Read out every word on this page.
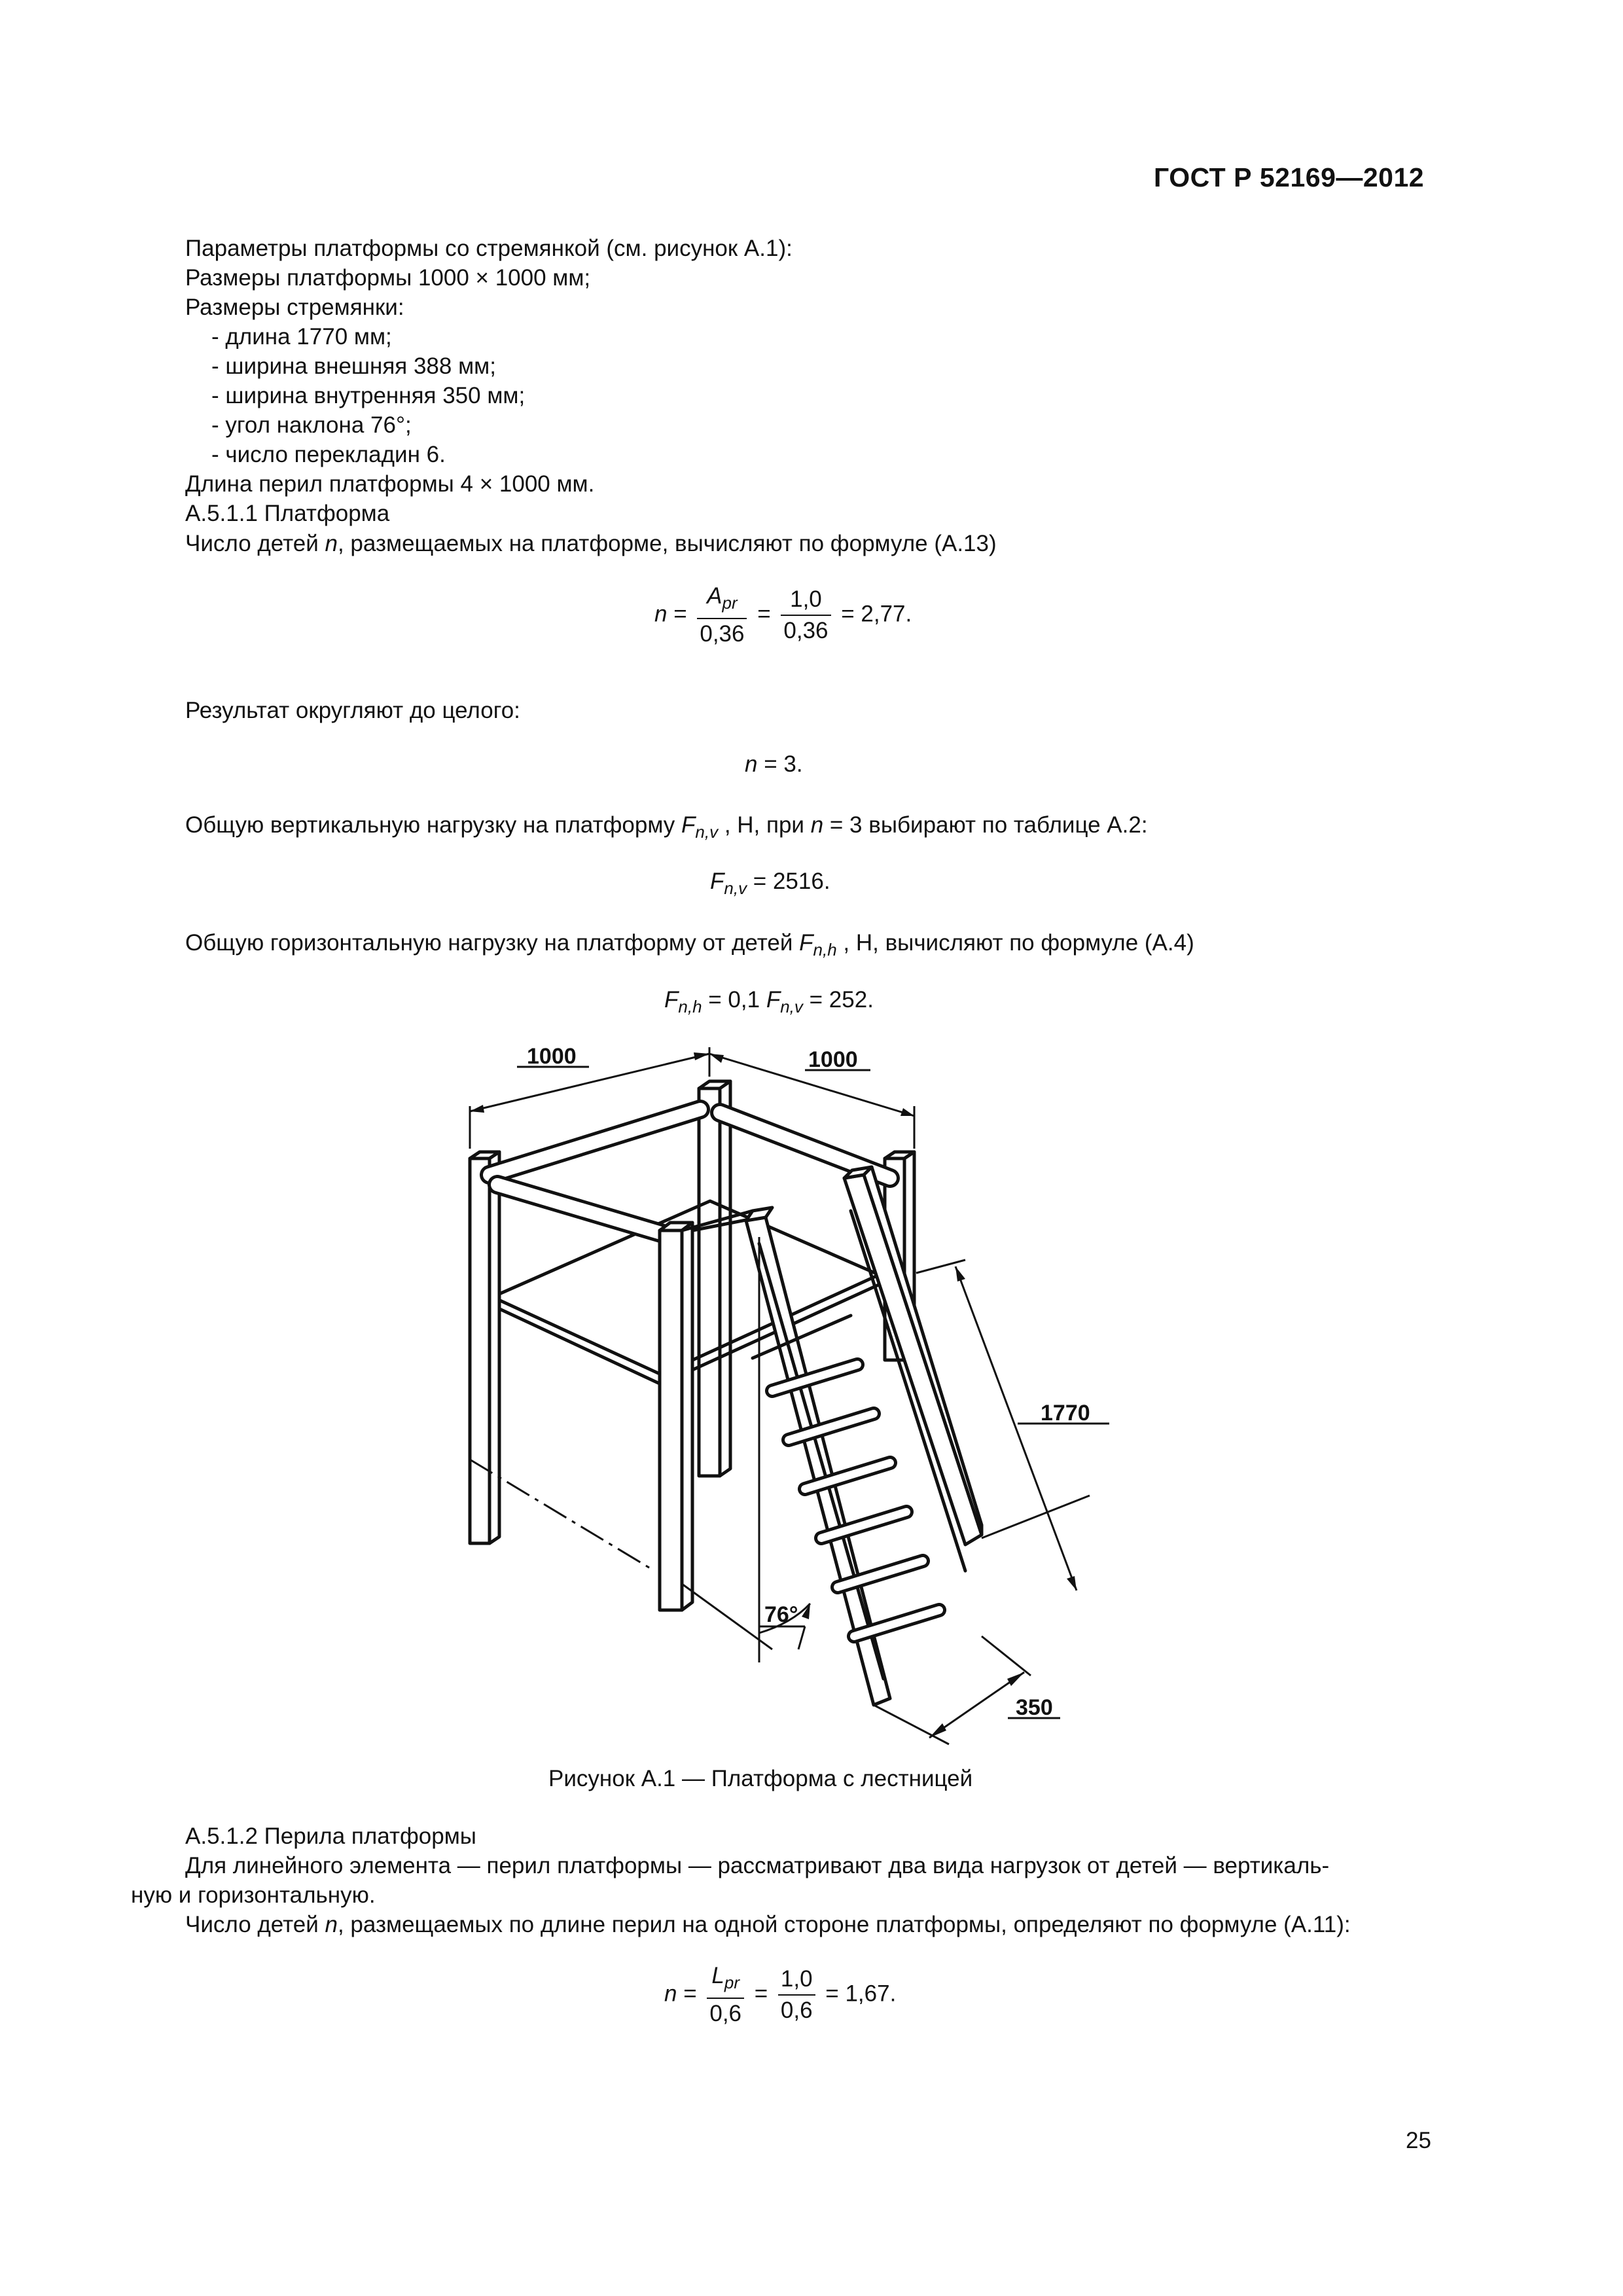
ГОСТ Р 52169—2012
Параметры платформы со стремянкой (см. рисунок А.1):
Размеры платформы 1000 × 1000 мм;
Размеры стремянки:
- длина 1770 мм;
- ширина внешняя 388 мм;
- ширина внутренняя 350 мм;
- угол наклона 76°;
- число перекладин 6.
Длина перил платформы 4 × 1000 мм.
А.5.1.1 Платформа
Число детей n, размещаемых на платформе, вычисляют по формуле (А.13)
$n = \frac{A_{pr}}{0,36} = \frac{1,0}{0,36} = 2,77$.
Результат округляют до целого:
n = 3.
Общую вертикальную нагрузку на платформу $F_{n,v}$ , Н, при n = 3 выбирают по таблице А.2:
$F_{n,v} = 2516$.
Общую горизонтальную нагрузку на платформу от детей $F_{n,h}$ , Н, вычисляют по формуле (А.4)
$F_{n,h} = 0,1$ $F_{n,v} = 252$.
1000	1000
1770
76°
350
Рисунок А.1 — Платформа с лестницей
А.5.1.2 Перила платформы
Для линейного элемента — перил платформы — рассматривают два вида нагрузок от детей — вертикаль-
ную и горизонтальную.
Число детей n, размещаемых по длине перил на одной стороне платформы, определяют по формуле (А.11):
$n = \frac{L_{pr}}{0,6} = \frac{1,0}{0,6} = 1,67$.
25
